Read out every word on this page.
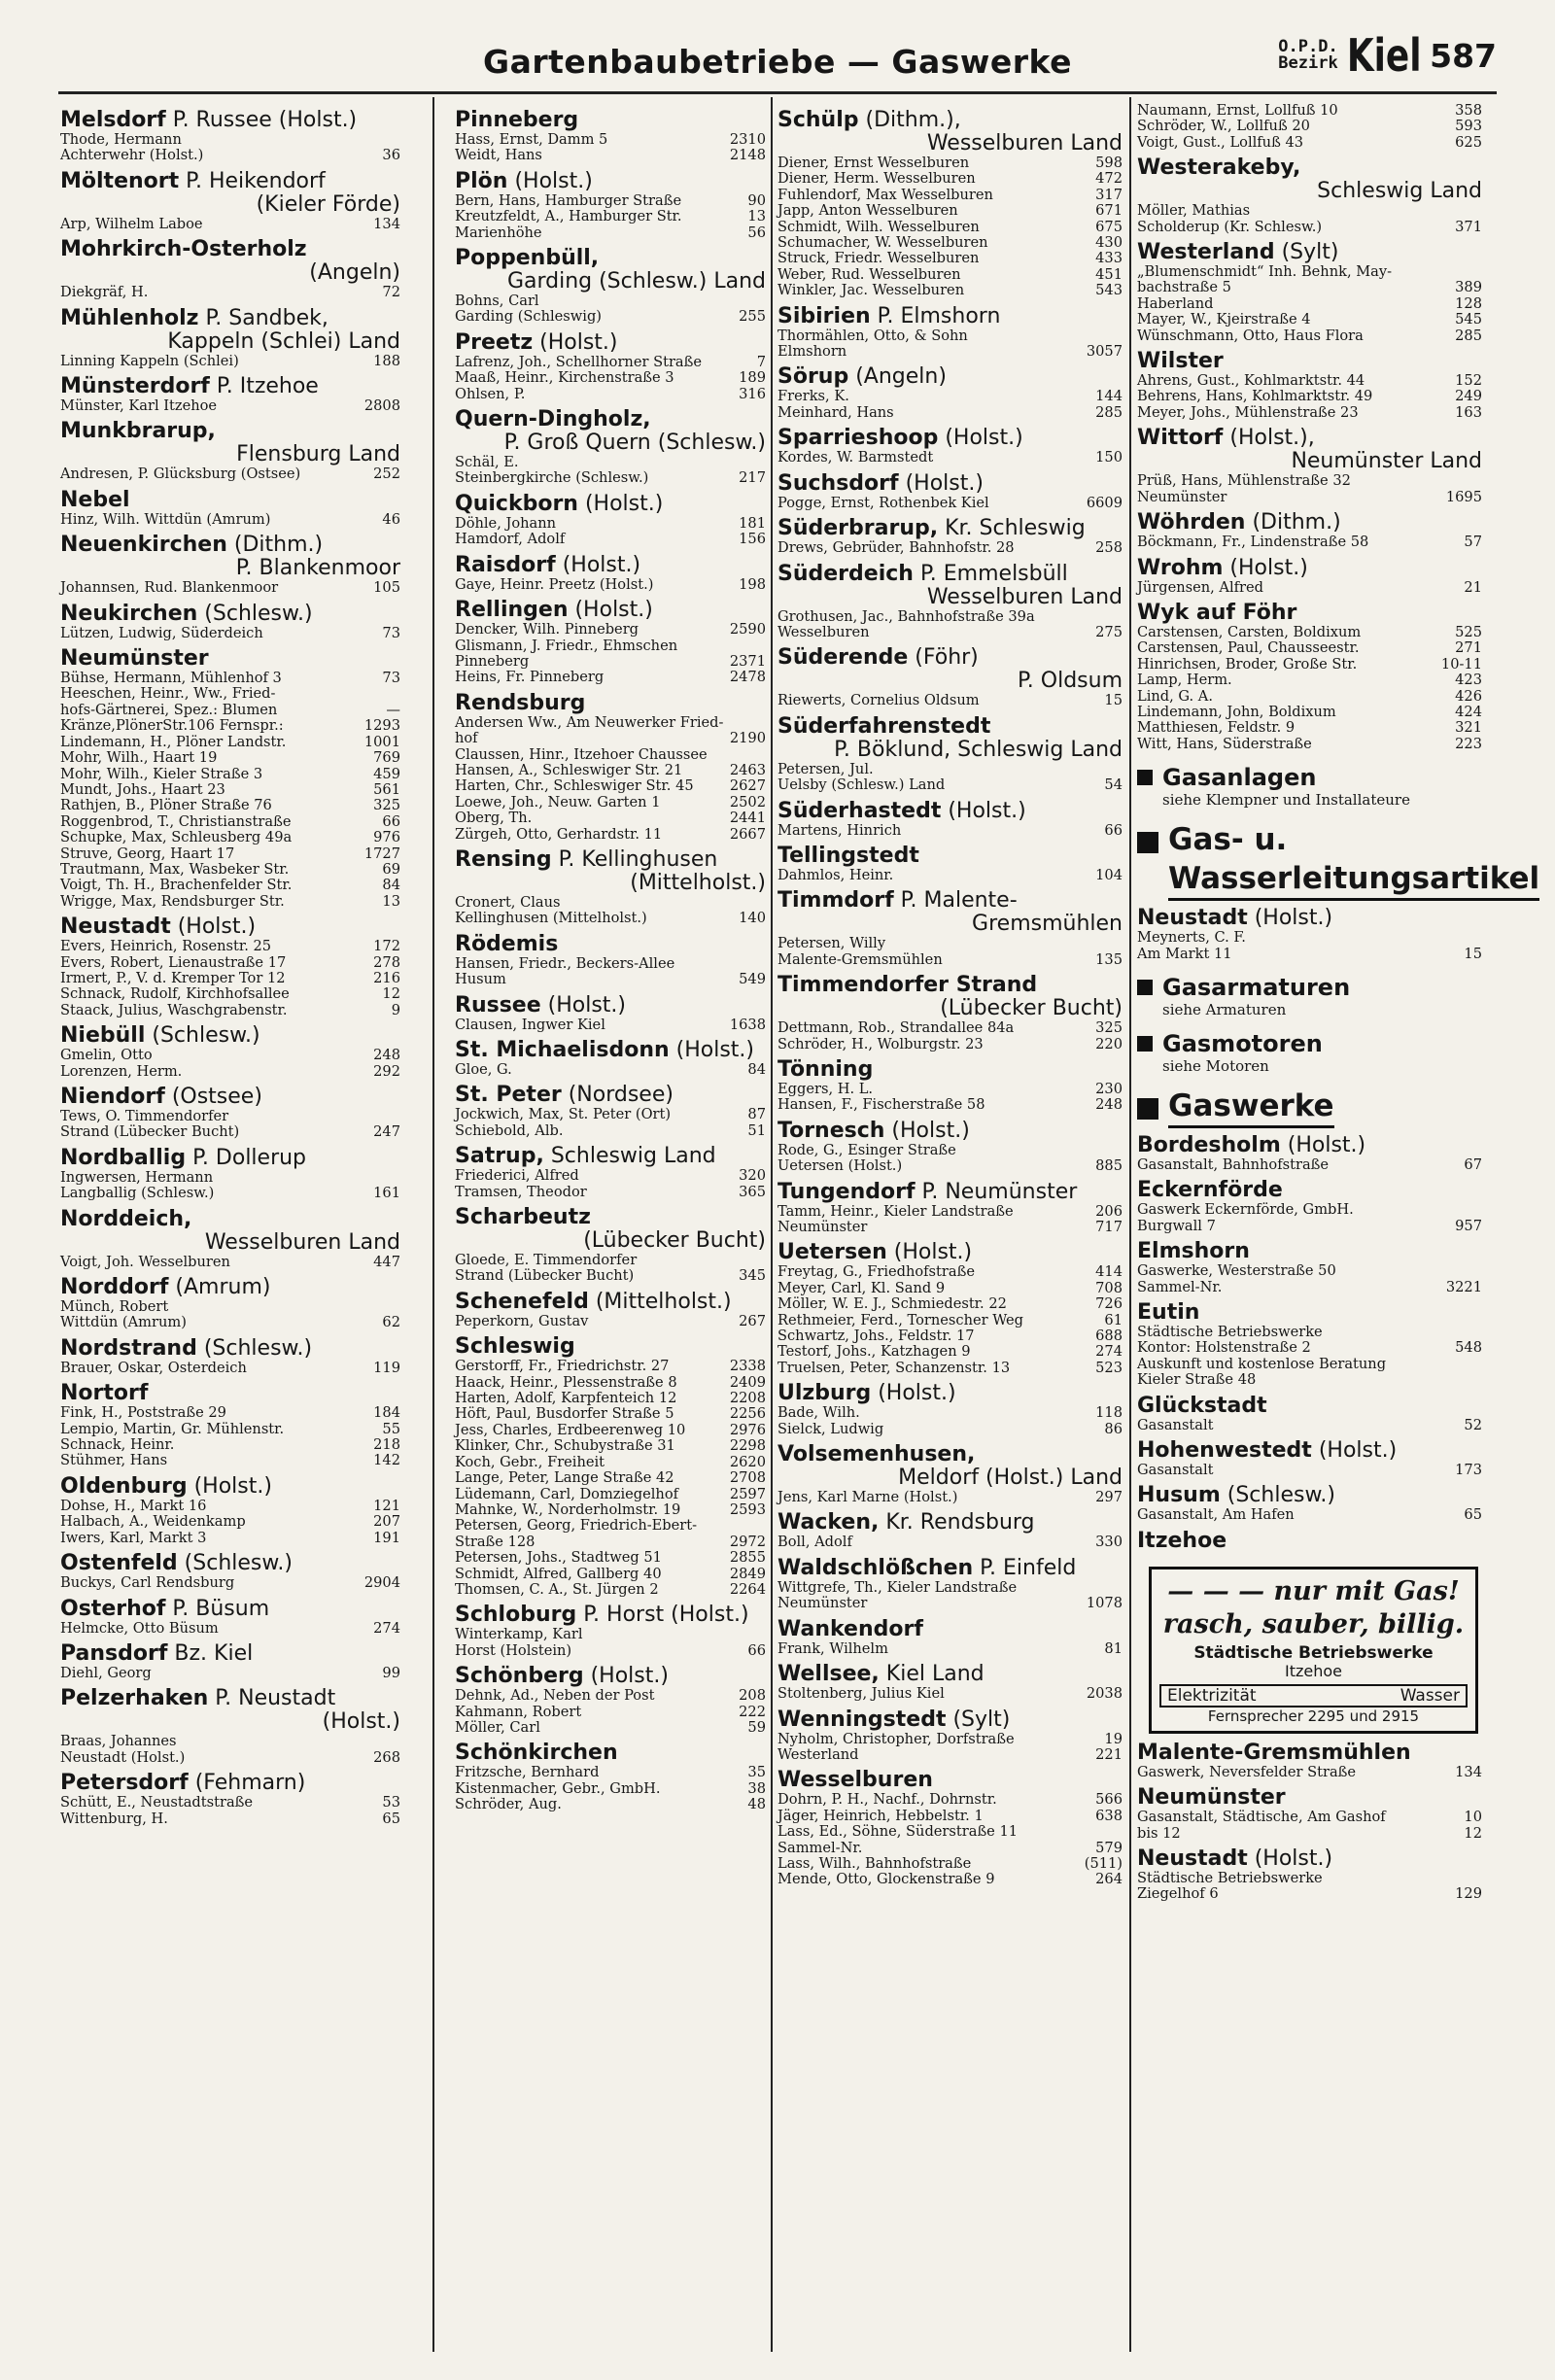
Gartenbaubetriebe — Gaswerke	O.P.D.
Bezirk Kiel 587
Melsdorf P. Russee (Holst.)
Thode, Hermann
Achterwehr (Holst.)	36
Möltenort P. Heikendorf
(Kieler Förde)
Arp, Wilhelm Laboe	134
Mohrkirch-Osterholz
(Angeln)
Diekgräf, H.	72
Mühlenholz P. Sandbek,
Kappeln (Schlei) Land
Linning Kappeln (Schlei)	188
Münsterdorf P. Itzehoe
Münster, Karl Itzehoe	2808
Munkbrarup,
Flensburg Land
Andresen, P. Glücksburg (Ostsee)	252
Nebel
Hinz, Wilh. Wittdün (Amrum)	46
Neuenkirchen (Dithm.)
P. Blankenmoor
Johannsen, Rud. Blankenmoor	105
Neukirchen (Schlesw.)
Lützen, Ludwig, Süderdeich	73
Neumünster
Bühse, Hermann, Mühlenhof 3	73
Heeschen, Heinr., Ww., Fried-
hofs-Gärtnerei, Spez.: Blumen	—
Kränze,PlönerStr.106 Fernspr.:	1293
Lindemann, H., Plöner Landstr.	1001
Mohr, Wilh., Haart 19	769
Mohr, Wilh., Kieler Straße 3	459
Mundt, Johs., Haart 23	561
Rathjen, B., Plöner Straße 76	325
Roggenbrod, T., Christianstraße	66
Schupke, Max, Schleusberg 49a	976
Struve, Georg, Haart 17	1727
Trautmann, Max, Wasbeker Str.	69
Voigt, Th. H., Brachenfelder Str.	84
Wrigge, Max, Rendsburger Str.	13
Neustadt (Holst.)
Evers, Heinrich, Rosenstr. 25	172
Evers, Robert, Lienaustraße 17	278
Irmert, P., V. d. Kremper Tor 12	216
Schnack, Rudolf, Kirchhofsallee	12
Staack, Julius, Waschgrabenstr.	9
Niebüll (Schlesw.)
Gmelin, Otto	248
Lorenzen, Herm.	292
Niendorf (Ostsee)
Tews, O. Timmendorfer
Strand (Lübecker Bucht)	247
Nordballig P. Dollerup
Ingwersen, Hermann
Langballig (Schlesw.)	161
Norddeich,
Wesselburen Land
Voigt, Joh. Wesselburen	447
Norddorf (Amrum)
Münch, Robert
Wittdün (Amrum)	62
Nordstrand (Schlesw.)
Brauer, Oskar, Osterdeich	119
Nortorf
Fink, H., Poststraße 29	184
Lempio, Martin, Gr. Mühlenstr.	55
Schnack, Heinr.	218
Stühmer, Hans	142
Oldenburg (Holst.)
Dohse, H., Markt 16	121
Halbach, A., Weidenkamp	207
Iwers, Karl, Markt 3	191
Ostenfeld (Schlesw.)
Buckys, Carl Rendsburg	2904
Osterhof P. Büsum
Helmcke, Otto Büsum	274
Pansdorf Bz. Kiel
Diehl, Georg	99
Pelzerhaken P. Neustadt
(Holst.)
Braas, Johannes
Neustadt (Holst.)	268
Petersdorf (Fehmarn)
Schütt, E., Neustadtstraße	53
Wittenburg, H.	65
Pinneberg
Hass, Ernst, Damm 5	2310
Weidt, Hans	2148
Plön (Holst.)
Bern, Hans, Hamburger Straße	90
Kreutzfeldt, A., Hamburger Str.	13
Marienhöhe	56
Poppenbüll,
Garding (Schlesw.) Land
Bohns, Carl
Garding (Schleswig)	255
Preetz (Holst.)
Lafrenz, Joh., Schellhorner Straße	7
Maaß, Heinr., Kirchenstraße 3	189
Ohlsen, P.	316
Quern-Dingholz,
P. Groß Quern (Schlesw.)
Schäl, E.
Steinbergkirche (Schlesw.)	217
Quickborn (Holst.)
Döhle, Johann	181
Hamdorf, Adolf	156
Raisdorf (Holst.)
Gaye, Heinr. Preetz (Holst.)	198
Rellingen (Holst.)
Dencker, Wilh. Pinneberg	2590
Glismann, J. Friedr., Ehmschen
Pinneberg	2371
Heins, Fr. Pinneberg	2478
Rendsburg
Andersen Ww., Am Neuwerker Fried-
hof	2190
Claussen, Hinr., Itzehoer Chaussee
Hansen, A., Schleswiger Str. 21	2463
Harten, Chr., Schleswiger Str. 45	2627
Loewe, Joh., Neuw. Garten 1	2502
Oberg, Th.	2441
Zürgeh, Otto, Gerhardstr. 11	2667
Rensing P. Kellinghusen
(Mittelholst.)
Cronert, Claus
Kellinghusen (Mittelholst.)	140
Rödemis
Hansen, Friedr., Beckers-Allee
Husum	549
Russee (Holst.)
Clausen, Ingwer Kiel	1638
St. Michaelisdonn (Holst.)
Gloe, G.	84
St. Peter (Nordsee)
Jockwich, Max, St. Peter (Ort)	87
Schiebold, Alb.	51
Satrup, Schleswig Land
Friederici, Alfred	320
Tramsen, Theodor	365
Scharbeutz
(Lübecker Bucht)
Gloede, E. Timmendorfer
Strand (Lübecker Bucht)	345
Schenefeld (Mittelholst.)
Peperkorn, Gustav	267
Schleswig
Gerstorff, Fr., Friedrichstr. 27	2338
Haack, Heinr., Plessenstraße 8	2409
Harten, Adolf, Karpfenteich 12	2208
Höft, Paul, Busdorfer Straße 5	2256
Jess, Charles, Erdbeerenweg 10	2976
Klinker, Chr., Schubystraße 31	2298
Koch, Gebr., Freiheit	2620
Lange, Peter, Lange Straße 42	2708
Lüdemann, Carl, Domziegelhof	2597
Mahnke, W., Norderholmstr. 19	2593
Petersen, Georg, Friedrich-Ebert-
Straße 128	2972
Petersen, Johs., Stadtweg 51	2855
Schmidt, Alfred, Gallberg 40	2849
Thomsen, C. A., St. Jürgen 2	2264
Schloburg P. Horst (Holst.)
Winterkamp, Karl
Horst (Holstein)	66
Schönberg (Holst.)
Dehnk, Ad., Neben der Post	208
Kahmann, Robert	222
Möller, Carl	59
Schönkirchen
Fritzsche, Bernhard	35
Kistenmacher, Gebr., GmbH.	38
Schröder, Aug.	48
Schülp (Dithm.),
Wesselburen Land
Diener, Ernst Wesselburen	598
Diener, Herm. Wesselburen	472
Fuhlendorf, Max Wesselburen	317
Japp, Anton Wesselburen	671
Schmidt, Wilh. Wesselburen	675
Schumacher, W. Wesselburen	430
Struck, Friedr. Wesselburen	433
Weber, Rud. Wesselburen	451
Winkler, Jac. Wesselburen	543
Sibirien P. Elmshorn
Thormählen, Otto, & Sohn
Elmshorn	3057
Sörup (Angeln)
Frerks, K.	144
Meinhard, Hans	285
Sparrieshoop (Holst.)
Kordes, W. Barmstedt	150
Suchsdorf (Holst.)
Pogge, Ernst, Rothenbek Kiel	6609
Süderbrarup, Kr. Schleswig
Drews, Gebrüder, Bahnhofstr. 28	258
Süderdeich P. Emmelsbüll
Wesselburen Land
Grothusen, Jac., Bahnhofstraße 39a
Wesselburen	275
Süderende (Föhr)
P. Oldsum
Riewerts, Cornelius Oldsum	15
Süderfahrenstedt
P. Böklund, Schleswig Land
Petersen, Jul.
Uelsby (Schlesw.) Land	54
Süderhastedt (Holst.)
Martens, Hinrich	66
Tellingstedt
Dahmlos, Heinr.	104
Timmdorf P. Malente-
Gremsmühlen
Petersen, Willy
Malente-Gremsmühlen	135
Timmendorfer Strand
(Lübecker Bucht)
Dettmann, Rob., Strandallee 84a	325
Schröder, H., Wolburgstr. 23	220
Tönning
Eggers, H. L.	230
Hansen, F., Fischerstraße 58	248
Tornesch (Holst.)
Rode, G., Esinger Straße
Uetersen (Holst.)	885
Tungendorf P. Neumünster
Tamm, Heinr., Kieler Landstraße	206
Neumünster	717
Uetersen (Holst.)
Freytag, G., Friedhofstraße	414
Meyer, Carl, Kl. Sand 9	708
Möller, W. E. J., Schmiedestr. 22	726
Rethmeier, Ferd., Tornescher Weg	61
Schwartz, Johs., Feldstr. 17	688
Testorf, Johs., Katzhagen 9	274
Truelsen, Peter, Schanzenstr. 13	523
Ulzburg (Holst.)
Bade, Wilh.	118
Sielck, Ludwig	86
Volsemenhusen,
Meldorf (Holst.) Land
Jens, Karl Marne (Holst.)	297
Wacken, Kr. Rendsburg
Boll, Adolf	330
Waldschlößchen P. Einfeld
Wittgrefe, Th., Kieler Landstraße
Neumünster	1078
Wankendorf
Frank, Wilhelm	81
Wellsee, Kiel Land
Stoltenberg, Julius Kiel	2038
Wenningstedt (Sylt)
Nyholm, Christopher, Dorfstraße	19
Westerland	221
Wesselburen
Dohrn, P. H., Nachf., Dohrnstr.	566
Jäger, Heinrich, Hebbelstr. 1	638
Lass, Ed., Söhne, Süderstraße 11
Sammel-Nr.	579
Lass, Wilh., Bahnhofstraße	(511)
Mende, Otto, Glockenstraße 9	264
Naumann, Ernst, Lollfuß 10	358
Schröder, W., Lollfuß 20	593
Voigt, Gust., Lollfuß 43	625
Westerakeby,
Schleswig Land
Möller, Mathias
Scholderup (Kr. Schlesw.)	371
Westerland (Sylt)
„Blumenschmidt“ Inh. Behnk, May-
bachstraße 5	389
Haberland	128
Mayer, W., Kjeirstraße 4	545
Wünschmann, Otto, Haus Flora	285
Wilster
Ahrens, Gust., Kohlmarktstr. 44	152
Behrens, Hans, Kohlmarktstr. 49	249
Meyer, Johs., Mühlenstraße 23	163
Wittorf (Holst.),
Neumünster Land
Prüß, Hans, Mühlenstraße 32
Neumünster	1695
Wöhrden (Dithm.)
Böckmann, Fr., Lindenstraße 58	57
Wrohm (Holst.)
Jürgensen, Alfred	21
Wyk auf Föhr
Carstensen, Carsten, Boldixum	525
Carstensen, Paul, Chausseestr.	271
Hinrichsen, Broder, Große Str.	10-11
Lamp, Herm.	423
Lind, G. A.	426
Lindemann, John, Boldixum	424
Matthiesen, Feldstr. 9	321
Witt, Hans, Süderstraße	223
Gasanlagen
siehe Klempner und Installateure
Gas- u. Wasserleitungsartikel
Neustadt (Holst.)
Meynerts, C. F.
Am Markt 11	15
Gasarmaturen
siehe Armaturen
Gasmotoren
siehe Motoren
Gaswerke
Bordesholm (Holst.)
Gasanstalt, Bahnhofstraße	67
Eckernförde
Gaswerk Eckernförde, GmbH.
Burgwall 7	957
Elmshorn
Gaswerke, Westerstraße 50
Sammel-Nr.	3221
Eutin
Städtische Betriebswerke
Kontor: Holstenstraße 2	548
Auskunft und kostenlose Beratung
Kieler Straße 48
Glückstadt
Gasanstalt	52
Hohenwestedt (Holst.)
Gasanstalt	173
Husum (Schlesw.)
Gasanstalt, Am Hafen	65
Itzehoe
— — — nur mit Gas!
rasch, sauber, billig.
Städtische Betriebswerke
Itzehoe
Elektrizität	Wasser
Fernsprecher 2295 und 2915
Malente-Gremsmühlen
Gaswerk, Neversfelder Straße	134
Neumünster
Gasanstalt, Städtische, Am Gashof	10
bis 12	12
Neustadt (Holst.)
Städtische Betriebswerke
Ziegelhof 6	129
